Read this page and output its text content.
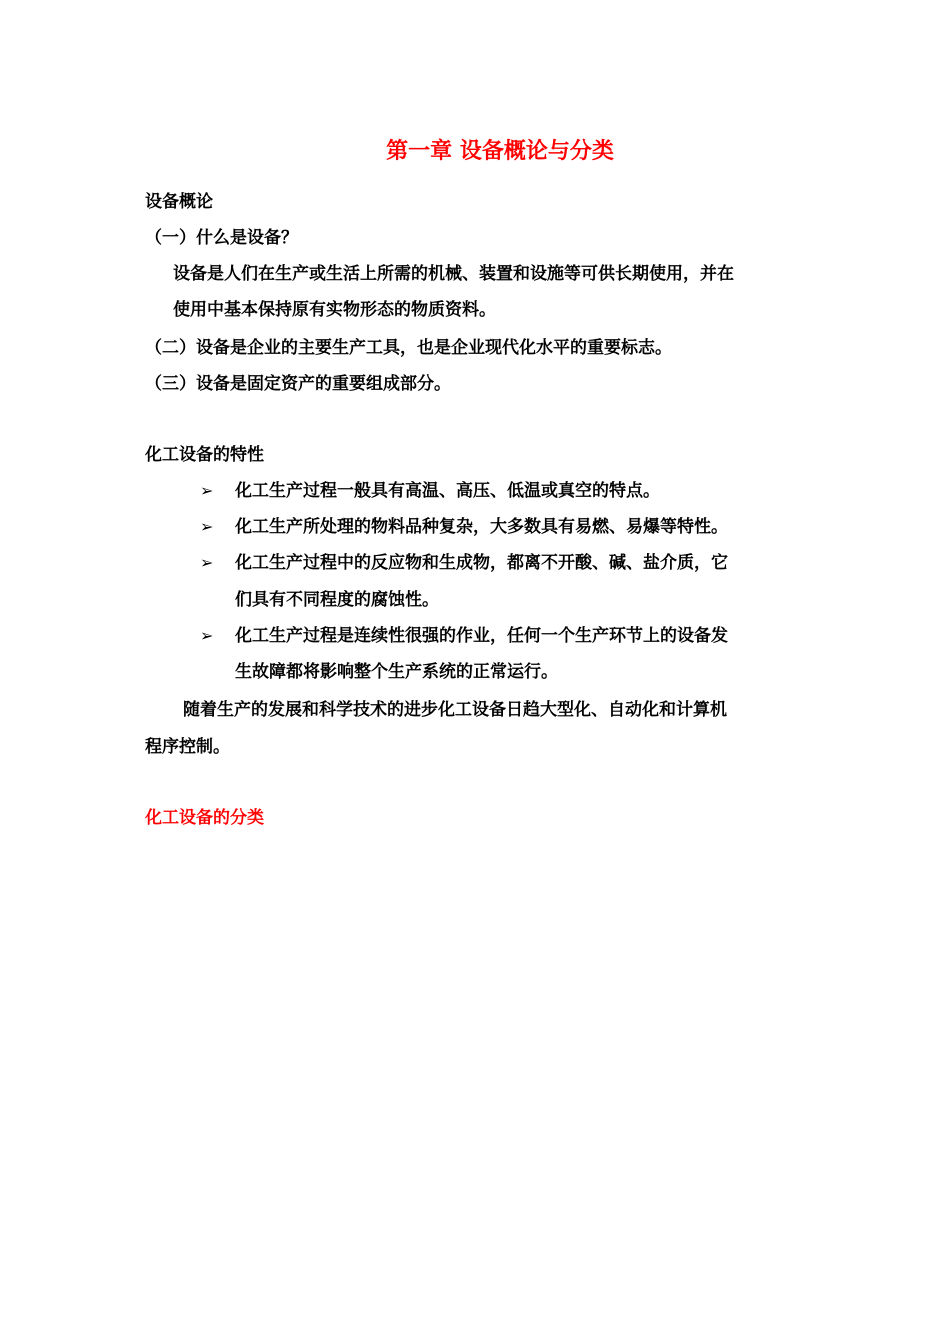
第一章 设备概论与分类
设备概论
（一）什么是设备？
设备是人们在生产或生活上所需的机械、装置和设施等可供长期使用，并在
使用中基本保持原有实物形态的物质资料。
（二）设备是企业的主要生产工具，也是企业现代化水平的重要标志。
（三）设备是固定资产的重要组成部分。
化工设备的特性
➢ 化工生产过程一般具有高温、高压、低温或真空的特点。
➢ 化工生产所处理的物料品种复杂，大多数具有易燃、易爆等特性。
➢ 化工生产过程中的反应物和生成物，都离不开酸、碱、盐介质，它
们具有不同程度的腐蚀性。
➢ 化工生产过程是连续性很强的作业，任何一个生产环节上的设备发
生故障都将影响整个生产系统的正常运行。
随着生产的发展和科学技术的进步化工设备日趋大型化、自动化和计算机
程序控制。
化工设备的分类
